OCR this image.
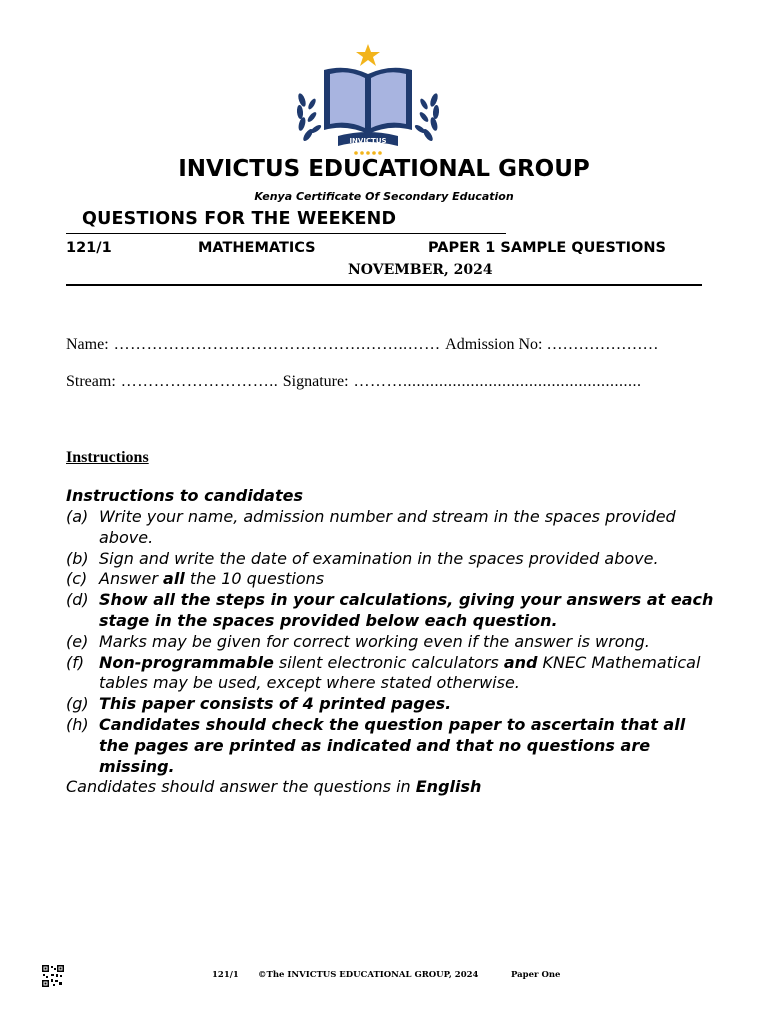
INVICTUS
INVICTUS EDUCATIONAL GROUP
Kenya Certificate Of Secondary Education
QUESTIONS FOR THE WEEKEND
121/1	MATHEMATICS	PAPER 1 SAMPLE QUESTIONS
NOVEMBER, 2024
Name: ……………………………………….……..…… Admission No: …………………
Stream: ……………………….. Signature: ……….....................................................
Instructions
Instructions to candidates
(a) Write your name, admission number and stream in the spaces provided above.
(b) Sign and write the date of examination in the spaces provided above.
(c) Answer all the 10 questions
(d) Show all the steps in your calculations, giving your answers at each stage in the spaces provided below each question.
(e) Marks may be given for correct working even if the answer is wrong.
(f) Non-programmable silent electronic calculators and KNEC Mathematical tables may be used, except where stated otherwise.
(g) This paper consists of 4 printed pages.
(h) Candidates should check the question paper to ascertain that all the pages are printed as indicated and that no questions are missing.
Candidates should answer the questions in English
121/1 ©The INVICTUS EDUCATIONAL GROUP, 2024	Paper One
